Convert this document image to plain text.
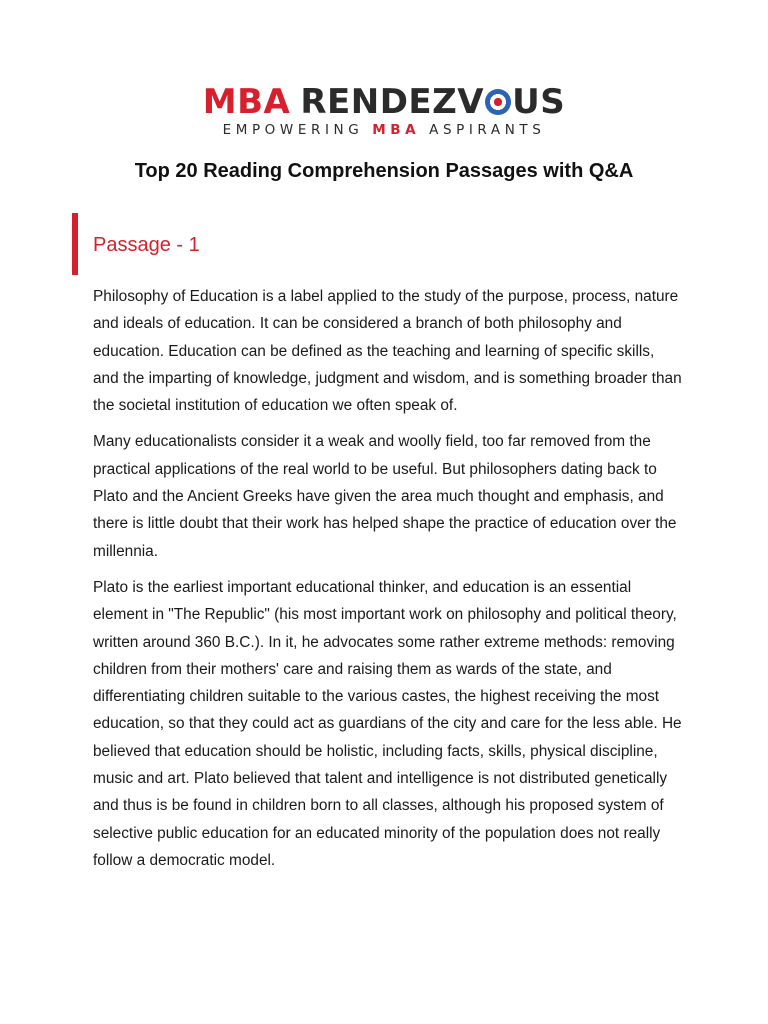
MBA RENDEZV US
EMPOWERING MBA ASPIRANTS
Top 20 Reading Comprehension Passages with Q&A
Passage - 1

Philosophy of Education is a label applied to the study of the purpose, process, nature and ideals of education. It can be considered a branch of both philosophy and education. Education can be defined as the teaching and learning of specific skills, and the imparting of knowledge, judgment and wisdom, and is something broader than the societal institution of education we often speak of.

Many educationalists consider it a weak and woolly field, too far removed from the practical applications of the real world to be useful. But philosophers dating back to Plato and the Ancient Greeks have given the area much thought and emphasis, and there is little doubt that their work has helped shape the practice of education over the millennia.

Plato is the earliest important educational thinker, and education is an essential element in "The Republic" (his most important work on philosophy and political theory, written around 360 B.C.). In it, he advocates some rather extreme methods: removing children from their mothers' care and raising them as wards of the state, and differentiating children suitable to the various castes, the highest receiving the most education, so that they could act as guardians of the city and care for the less able. He believed that education should be holistic, including facts, skills, physical discipline, music and art. Plato believed that talent and intelligence is not distributed genetically and thus is be found in children born to all classes, although his proposed system of selective public education for an educated minority of the population does not really follow a democratic model.
